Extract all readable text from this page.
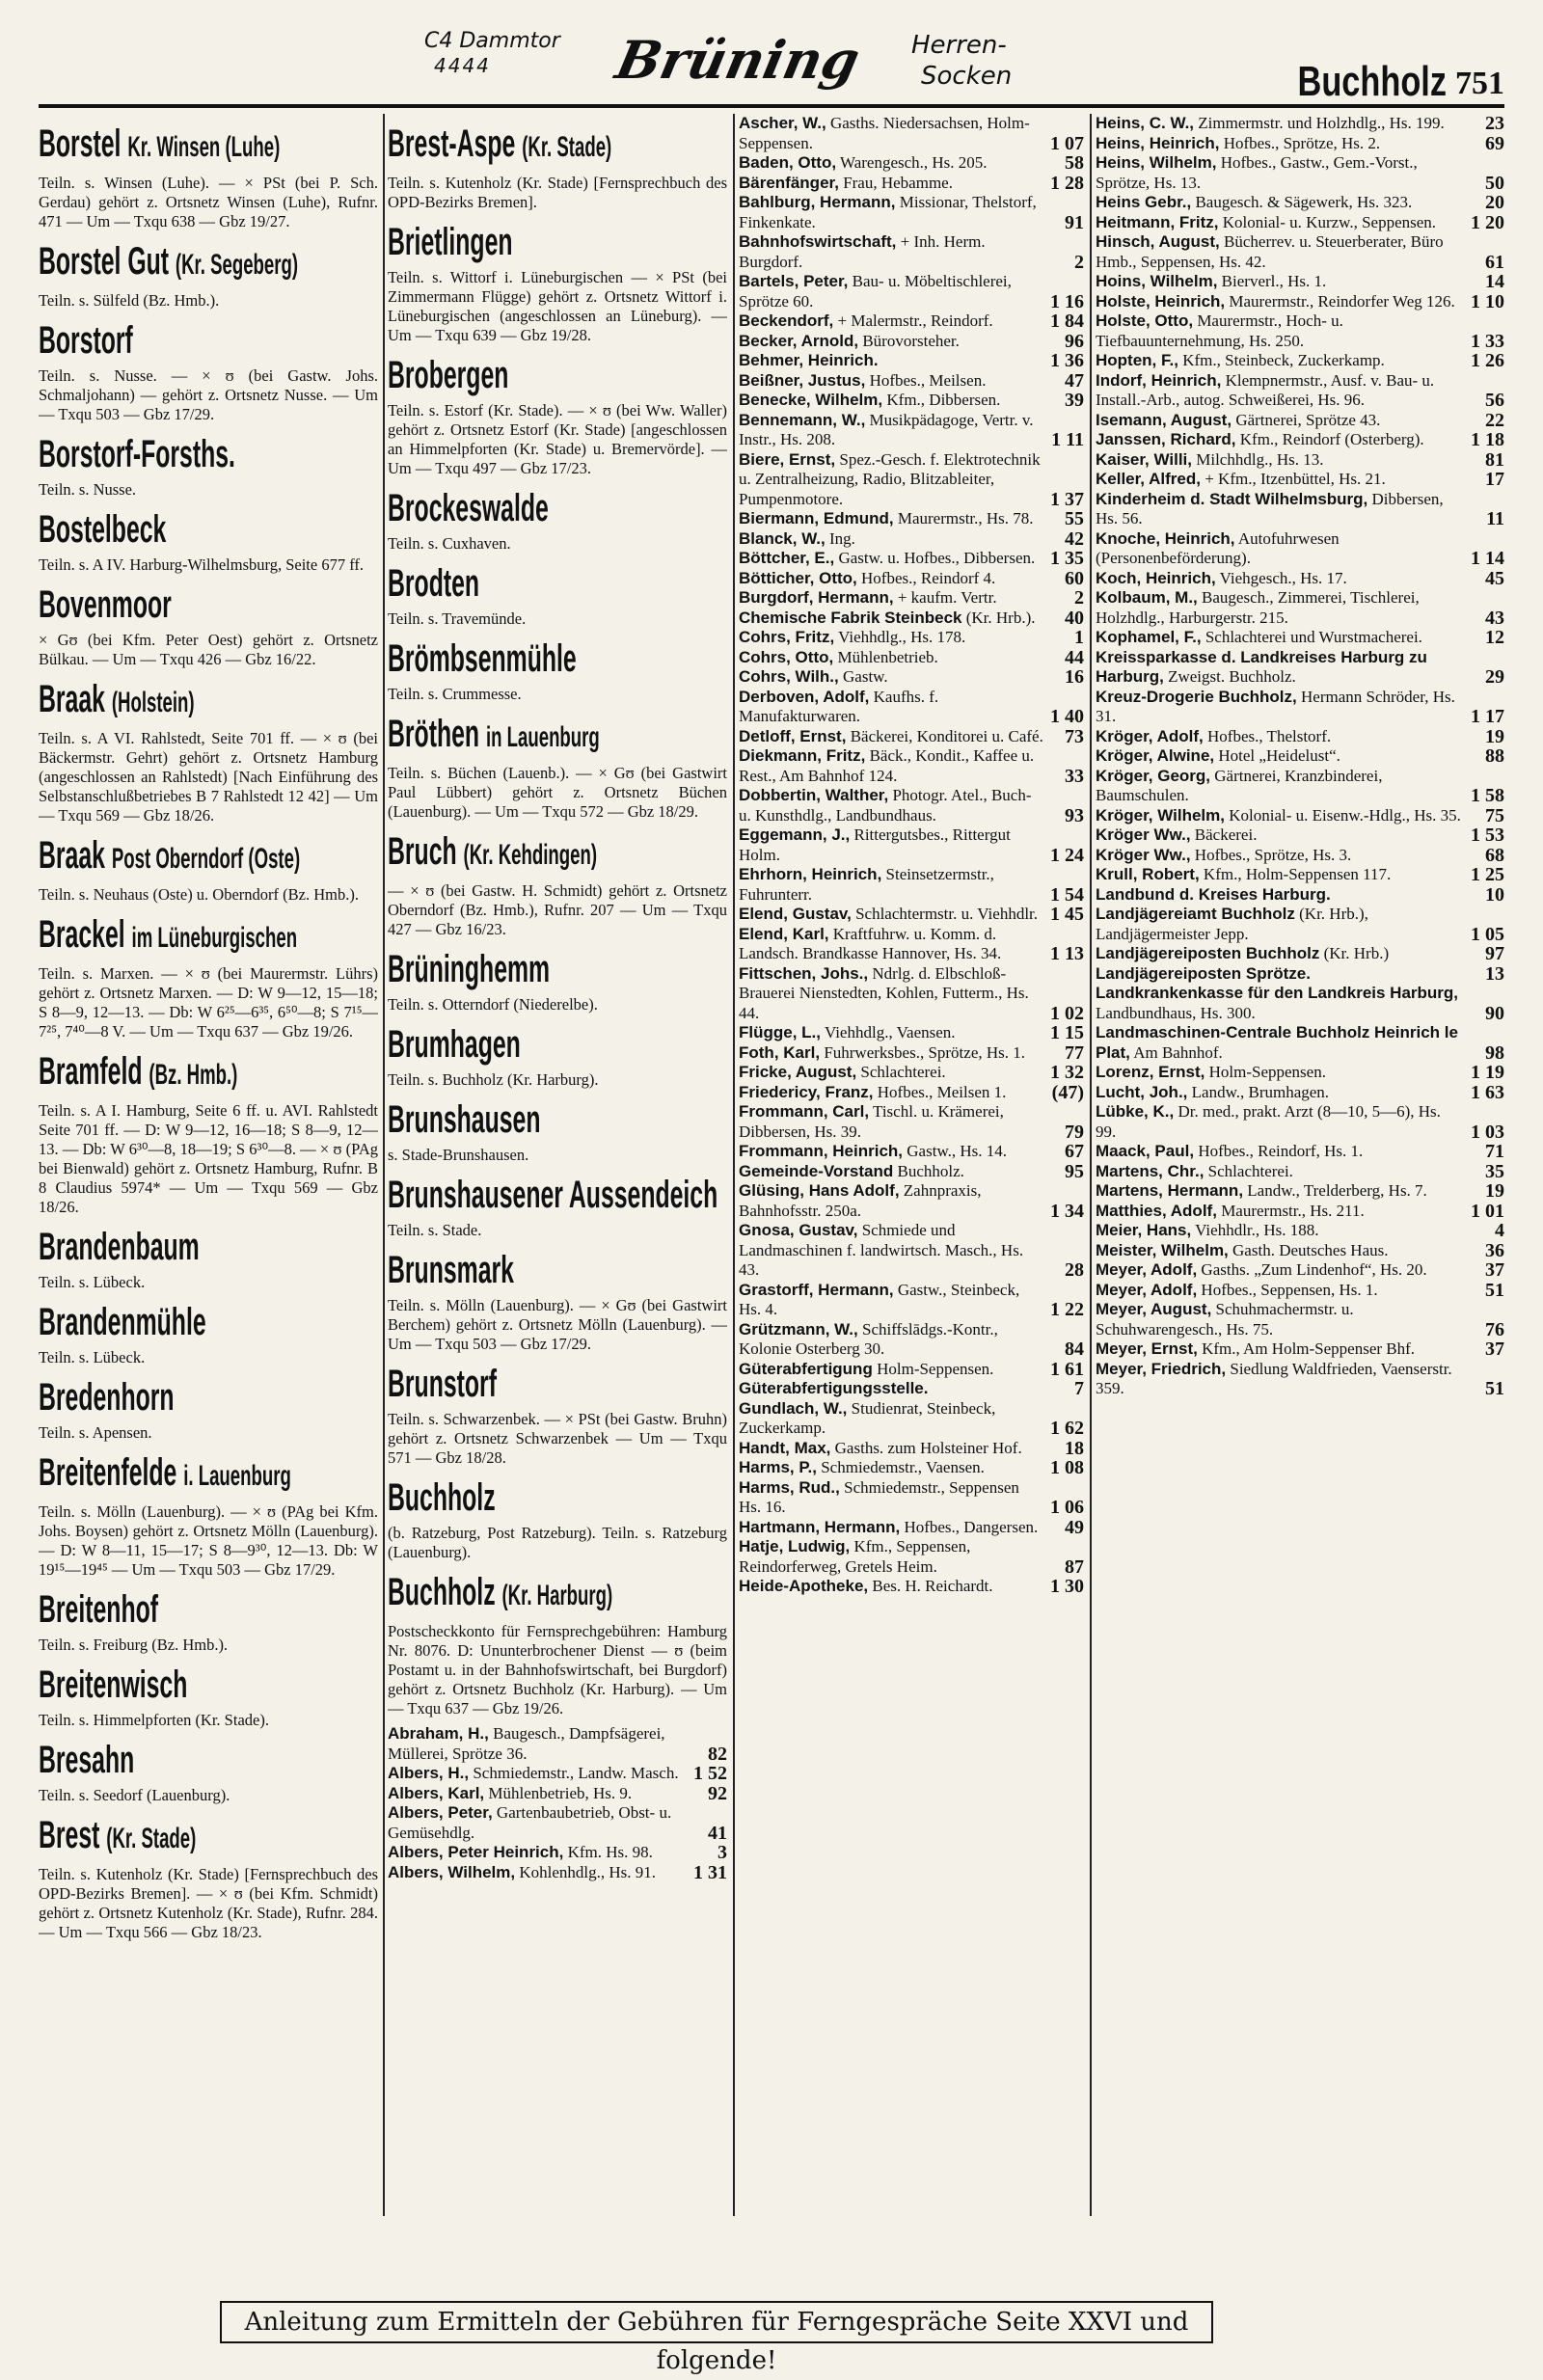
C4 Dammtor
4444 Brüning Herren-
Socken	Buchholz 751
Borstel Kr. Winsen (Luhe)
Teiln. s. Winsen (Luhe). — × PSt (bei P. Sch. Gerdau) gehört z. Ortsnetz Winsen (Luhe), Rufnr. 471 — Um — Txqu 638 — Gbz 19/27.
Borstel Gut (Kr. Segeberg)
Teiln. s. Sülfeld (Bz. Hmb.).
Borstorf
Teiln. s. Nusse. — × ʊ (bei Gastw. Johs. Schmaljohann) — gehört z. Ortsnetz Nusse. — Um — Txqu 503 — Gbz 17/29.
Borstorf-Forsths.
Teiln. s. Nusse.
Bostelbeck
Teiln. s. A IV. Harburg-Wilhelmsburg, Seite 677 ff.
Bovenmoor
× Gʊ (bei Kfm. Peter Oest) gehört z. Ortsnetz Bülkau. — Um — Txqu 426 — Gbz 16/22.
Braak (Holstein)
Teiln. s. A VI. Rahlstedt, Seite 701 ff. — × ʊ (bei Bäckermstr. Gehrt) gehört z. Ortsnetz Hamburg (angeschlossen an Rahlstedt) [Nach Einführung des Selbstanschlußbetriebes B 7 Rahlstedt 12 42] — Um — Txqu 569 — Gbz 18/26.
Braak Post Oberndorf (Oste)
Teiln. s. Neuhaus (Oste) u. Oberndorf (Bz. Hmb.).
Brackel im Lüneburgischen
Teiln. s. Marxen. — × ʊ (bei Maurermstr. Lührs) gehört z. Ortsnetz Marxen. — D: W 9—12, 15—18; S 8—9, 12—13. — Db: W 6²⁵—6³⁵, 6⁵⁰—8; S 7¹⁵—7²⁵, 7⁴⁰—8 V. — Um — Txqu 637 — Gbz 19/26.
Bramfeld (Bz. Hmb.)
Teiln. s. A I. Hamburg, Seite 6 ff. u. AVI. Rahlstedt Seite 701 ff. — D: W 9—12, 16—18; S 8—9, 12—13. — Db: W 6³⁰—8, 18—19; S 6³⁰—8. — × ʊ (PAg bei Bienwald) gehört z. Ortsnetz Hamburg, Rufnr. B 8 Claudius 5974* — Um — Txqu 569 — Gbz 18/26.
Brandenbaum
Teiln. s. Lübeck.
Brandenmühle
Teiln. s. Lübeck.
Bredenhorn
Teiln. s. Apensen.
Breitenfelde i. Lauenburg
Teiln. s. Mölln (Lauenburg). — × ʊ (PAg bei Kfm. Johs. Boysen) gehört z. Ortsnetz Mölln (Lauenburg). — D: W 8—11, 15—17; S 8—9³⁰, 12—13. Db: W 19¹⁵—19⁴⁵ — Um — Txqu 503 — Gbz 17/29.
Breitenhof
Teiln. s. Freiburg (Bz. Hmb.).
Breitenwisch
Teiln. s. Himmelpforten (Kr. Stade).
Bresahn
Teiln. s. Seedorf (Lauenburg).
Brest (Kr. Stade)
Teiln. s. Kutenholz (Kr. Stade) [Fernsprechbuch des OPD-Bezirks Bremen]. — × ʊ (bei Kfm. Schmidt) gehört z. Ortsnetz Kutenholz (Kr. Stade), Rufnr. 284. — Um — Txqu 566 — Gbz 18/23.
Brest-Aspe (Kr. Stade)
Teiln. s. Kutenholz (Kr. Stade) [Fernsprechbuch des OPD-Bezirks Bremen].
Brietlingen
Teiln. s. Wittorf i. Lüneburgischen — × PSt (bei Zimmermann Flügge) gehört z. Ortsnetz Wittorf i. Lüneburgischen (angeschlossen an Lüneburg). — Um — Txqu 639 — Gbz 19/28.
Brobergen
Teiln. s. Estorf (Kr. Stade). — × ʊ (bei Ww. Waller) gehört z. Ortsnetz Estorf (Kr. Stade) [angeschlossen an Himmelpforten (Kr. Stade) u. Bremervörde]. — Um — Txqu 497 — Gbz 17/23.
Brockeswalde
Teiln. s. Cuxhaven.
Brodten
Teiln. s. Travemünde.
Brömbsenmühle
Teiln. s. Crummesse.
Bröthen in Lauenburg
Teiln. s. Büchen (Lauenb.). — × Gʊ (bei Gastwirt Paul Lübbert) gehört z. Ortsnetz Büchen (Lauenburg). — Um — Txqu 572 — Gbz 18/29.
Bruch (Kr. Kehdingen)
— × ʊ (bei Gastw. H. Schmidt) gehört z. Ortsnetz Oberndorf (Bz. Hmb.), Rufnr. 207 — Um — Txqu 427 — Gbz 16/23.
Brüninghemm
Teiln. s. Otterndorf (Niederelbe).
Brumhagen
Teiln. s. Buchholz (Kr. Harburg).
Brunshausen
s. Stade-Brunshausen.
Brunshausener Aussendeich
Teiln. s. Stade.
Brunsmark
Teiln. s. Mölln (Lauenburg). — × Gʊ (bei Gastwirt Berchem) gehört z. Ortsnetz Mölln (Lauenburg). — Um — Txqu 503 — Gbz 17/29.
Brunstorf
Teiln. s. Schwarzenbek. — × PSt (bei Gastw. Bruhn) gehört z. Ortsnetz Schwarzenbek — Um — Txqu 571 — Gbz 18/28.
Buchholz
(b. Ratzeburg, Post Ratzeburg). Teiln. s. Ratzeburg (Lauenburg).
Buchholz (Kr. Harburg)
Postscheckkonto für Fernsprechgebühren: Hamburg Nr. 8076. D: Ununterbrochener Dienst — ʊ (beim Postamt u. in der Bahnhofswirtschaft, bei Burgdorf) gehört z. Ortsnetz Buchholz (Kr. Harburg). — Um — Txqu 637 — Gbz 19/26.
Abraham, H., Baugesch., Dampfsägerei, Müllerei, Sprötze 36.	82
Albers, H., Schmiedemstr., Landw. Masch. 1 52
Albers, Karl, Mühlenbetrieb, Hs. 9.	92
Albers, Peter, Gartenbaubetrieb, Obst- u. Gemüsehdlg.	41
Albers, Peter Heinrich, Kfm. Hs. 98.	3
Albers, Wilhelm, Kohlenhdlg., Hs. 91. 1 31
Ascher, W., Gasths. Niedersachsen, Holm-Seppensen.	1 07
Baden, Otto, Warengesch., Hs. 205.	58
Bärenfänger, Frau, Hebamme.	1 28
Bahlburg, Hermann, Missionar, Thelstorf, Finkenkate.	91
Bahnhofswirtschaft, + Inh. Herm. Burgdorf.	2
Bartels, Peter, Bau- u. Möbeltischlerei, Sprötze 60.	1 16
Beckendorf, + Malermstr., Reindorf.	1 84
Becker, Arnold, Bürovorsteher.	96
Behmer, Heinrich.	1 36
Beißner, Justus, Hofbes., Meilsen.	47
Benecke, Wilhelm, Kfm., Dibbersen.	39
Bennemann, W., Musikpädagoge, Vertr. v. Instr., Hs. 208.	1 11
Biere, Ernst, Spez.-Gesch. f. Elektrotechnik u. Zentralheizung, Radio, Blitzableiter, Pumpenmotore.	1 37
Biermann, Edmund, Maurermstr., Hs. 78. 55
Blanck, W., Ing.	42
Böttcher, E., Gastw. u. Hofbes., Dibbersen. 1 35
Bötticher, Otto, Hofbes., Reindorf 4.	60
Burgdorf, Hermann, + kaufm. Vertr.	2
Chemische Fabrik Steinbeck (Kr. Hrb.). 40
Cohrs, Fritz, Viehhdlg., Hs. 178.	1
Cohrs, Otto, Mühlenbetrieb.	44
Cohrs, Wilh., Gastw.	16
Derboven, Adolf, Kaufhs. f. Manufakturwaren.	1 40
Detloff, Ernst, Bäckerei, Konditorei u. Café. 73
Diekmann, Fritz, Bäck., Kondit., Kaffee u. Rest., Am Bahnhof 124.	33
Dobbertin, Walther, Photogr. Atel., Buch- u. Kunsthdlg., Landbundhaus.	93
Eggemann, J., Rittergutsbes., Rittergut Holm.	1 24
Ehrhorn, Heinrich, Steinsetzermstr., Fuhrunterr.	1 54
Elend, Gustav, Schlachtermstr. u. Viehhdlr. 1 45
Elend, Karl, Kraftfuhrw. u. Komm. d. Landsch. Brandkasse Hannover, Hs. 34.	1 13
Fittschen, Johs., Ndrlg. d. Elbschloß-Brauerei Nienstedten, Kohlen, Futterm., Hs. 44.	1 02
Flügge, L., Viehhdlg., Vaensen.	1 15
Foth, Karl, Fuhrwerksbes., Sprötze, Hs. 1. 77
Fricke, August, Schlachterei.	1 32
Friedericy, Franz, Hofbes., Meilsen 1. (47)
Frommann, Carl, Tischl. u. Krämerei, Dibbersen, Hs. 39.	79
Frommann, Heinrich, Gastw., Hs. 14.	67
Gemeinde-Vorstand Buchholz.	95
Glüsing, Hans Adolf, Zahnpraxis, Bahnhofsstr. 250a.	1 34
Gnosa, Gustav, Schmiede und Landmaschinen f. landwirtsch. Masch., Hs. 43.	28
Grastorff, Hermann, Gastw., Steinbeck, Hs. 4.	1 22
Grützmann, W., Schiffslādgs.-Kontr., Kolonie Osterberg 30.	84
Güterabfertigung Holm-Seppensen.	1 61
Güterabfertigungsstelle.	7
Gundlach, W., Studienrat, Steinbeck, Zuckerkamp.	1 62
Handt, Max, Gasths. zum Holsteiner Hof. 18
Harms, P., Schmiedemstr., Vaensen.	1 08
Harms, Rud., Schmiedemstr., Seppensen Hs. 16.	1 06
Hartmann, Hermann, Hofbes., Dangersen. 49
Hatje, Ludwig, Kfm., Seppensen, Reindorferweg, Gretels Heim.	87
Heide-Apotheke, Bes. H. Reichardt.	1 30
Heins, C. W., Zimmermstr. und Holzhdlg., Hs. 199. 23
Heins, Heinrich, Hofbes., Sprötze, Hs. 2.	69
Heins, Wilhelm, Hofbes., Gastw., Gem.-Vorst., Sprötze, Hs. 13.	50
Heins Gebr., Baugesch. & Sägewerk, Hs. 323.	20
Heitmann, Fritz, Kolonial- u. Kurzw., Seppensen. 1 20
Hinsch, August, Bücherrev. u. Steuerberater, Büro Hmb., Seppensen, Hs. 42.	61
Hoins, Wilhelm, Bierverl., Hs. 1.	14
Holste, Heinrich, Maurermstr., Reindorfer Weg 126. 1 10
Holste, Otto, Maurermstr., Hoch- u. Tiefbauunternehmung, Hs. 250.	1 33
Hopten, F., Kfm., Steinbeck, Zuckerkamp.	1 26
Indorf, Heinrich, Klempnermstr., Ausf. v. Bau- u. Install.-Arb., autog. Schweißerei, Hs. 96.	56
Isemann, August, Gärtnerei, Sprötze 43.	22
Janssen, Richard, Kfm., Reindorf (Osterberg). 1 18
Kaiser, Willi, Milchhdlg., Hs. 13.	81
Keller, Alfred, + Kfm., Itzenbüttel, Hs. 21.	17
Kinderheim d. Stadt Wilhelmsburg, Dibbersen, Hs. 56.	11
Knoche, Heinrich, Autofuhrwesen (Personenbeförderung).	1 14
Koch, Heinrich, Viehgesch., Hs. 17.	45
Kolbaum, M., Baugesch., Zimmerei, Tischlerei, Holzhdlg., Harburgerstr. 215.	43
Kophamel, F., Schlachterei und Wurstmacherei.	12
Kreissparkasse d. Landkreises Harburg zu Harburg, Zweigst. Buchholz.	29
Kreuz-Drogerie Buchholz, Hermann Schröder, Hs. 31.	1 17
Kröger, Adolf, Hofbes., Thelstorf.	19
Kröger, Alwine, Hotel „Heidelust“.	88
Kröger, Georg, Gärtnerei, Kranzbinderei, Baumschulen.	1 58
Kröger, Wilhelm, Kolonial- u. Eisenw.-Hdlg., Hs. 35. 75
Kröger Ww., Bäckerei.	1 53
Kröger Ww., Hofbes., Sprötze, Hs. 3.	68
Krull, Robert, Kfm., Holm-Seppensen 117.	1 25
Landbund d. Kreises Harburg.	10
Landjägereiamt Buchholz (Kr. Hrb.), Landjägermeister Jepp.	1 05
Landjägereiposten Buchholz (Kr. Hrb.)	97
Landjägereiposten Sprötze.	13
Landkrankenkasse für den Landkreis Harburg, Landbundhaus, Hs. 300.	90
Landmaschinen-Centrale Buchholz Heinrich le Plat, Am Bahnhof.	98
Lorenz, Ernst, Holm-Seppensen.	1 19
Lucht, Joh., Landw., Brumhagen.	1 63
Lübke, K., Dr. med., prakt. Arzt (8—10, 5—6), Hs. 99.	1 03
Maack, Paul, Hofbes., Reindorf, Hs. 1.	71
Martens, Chr., Schlachterei.	35
Martens, Hermann, Landw., Trelderberg, Hs. 7.	19
Matthies, Adolf, Maurermstr., Hs. 211.	1 01
Meier, Hans, Viehhdlr., Hs. 188.	4
Meister, Wilhelm, Gasth. Deutsches Haus.	36
Meyer, Adolf, Gasths. „Zum Lindenhof“, Hs. 20.	37
Meyer, Adolf, Hofbes., Seppensen, Hs. 1.	51
Meyer, August, Schuhmachermstr. u. Schuhwarengesch., Hs. 75.	76
Meyer, Ernst, Kfm., Am Holm-Seppenser Bhf.	37
Meyer, Friedrich, Siedlung Waldfrieden, Vaenserstr. 359.	51
Anleitung zum Ermitteln der Gebühren für Ferngespräche Seite XXVI und folgende!
